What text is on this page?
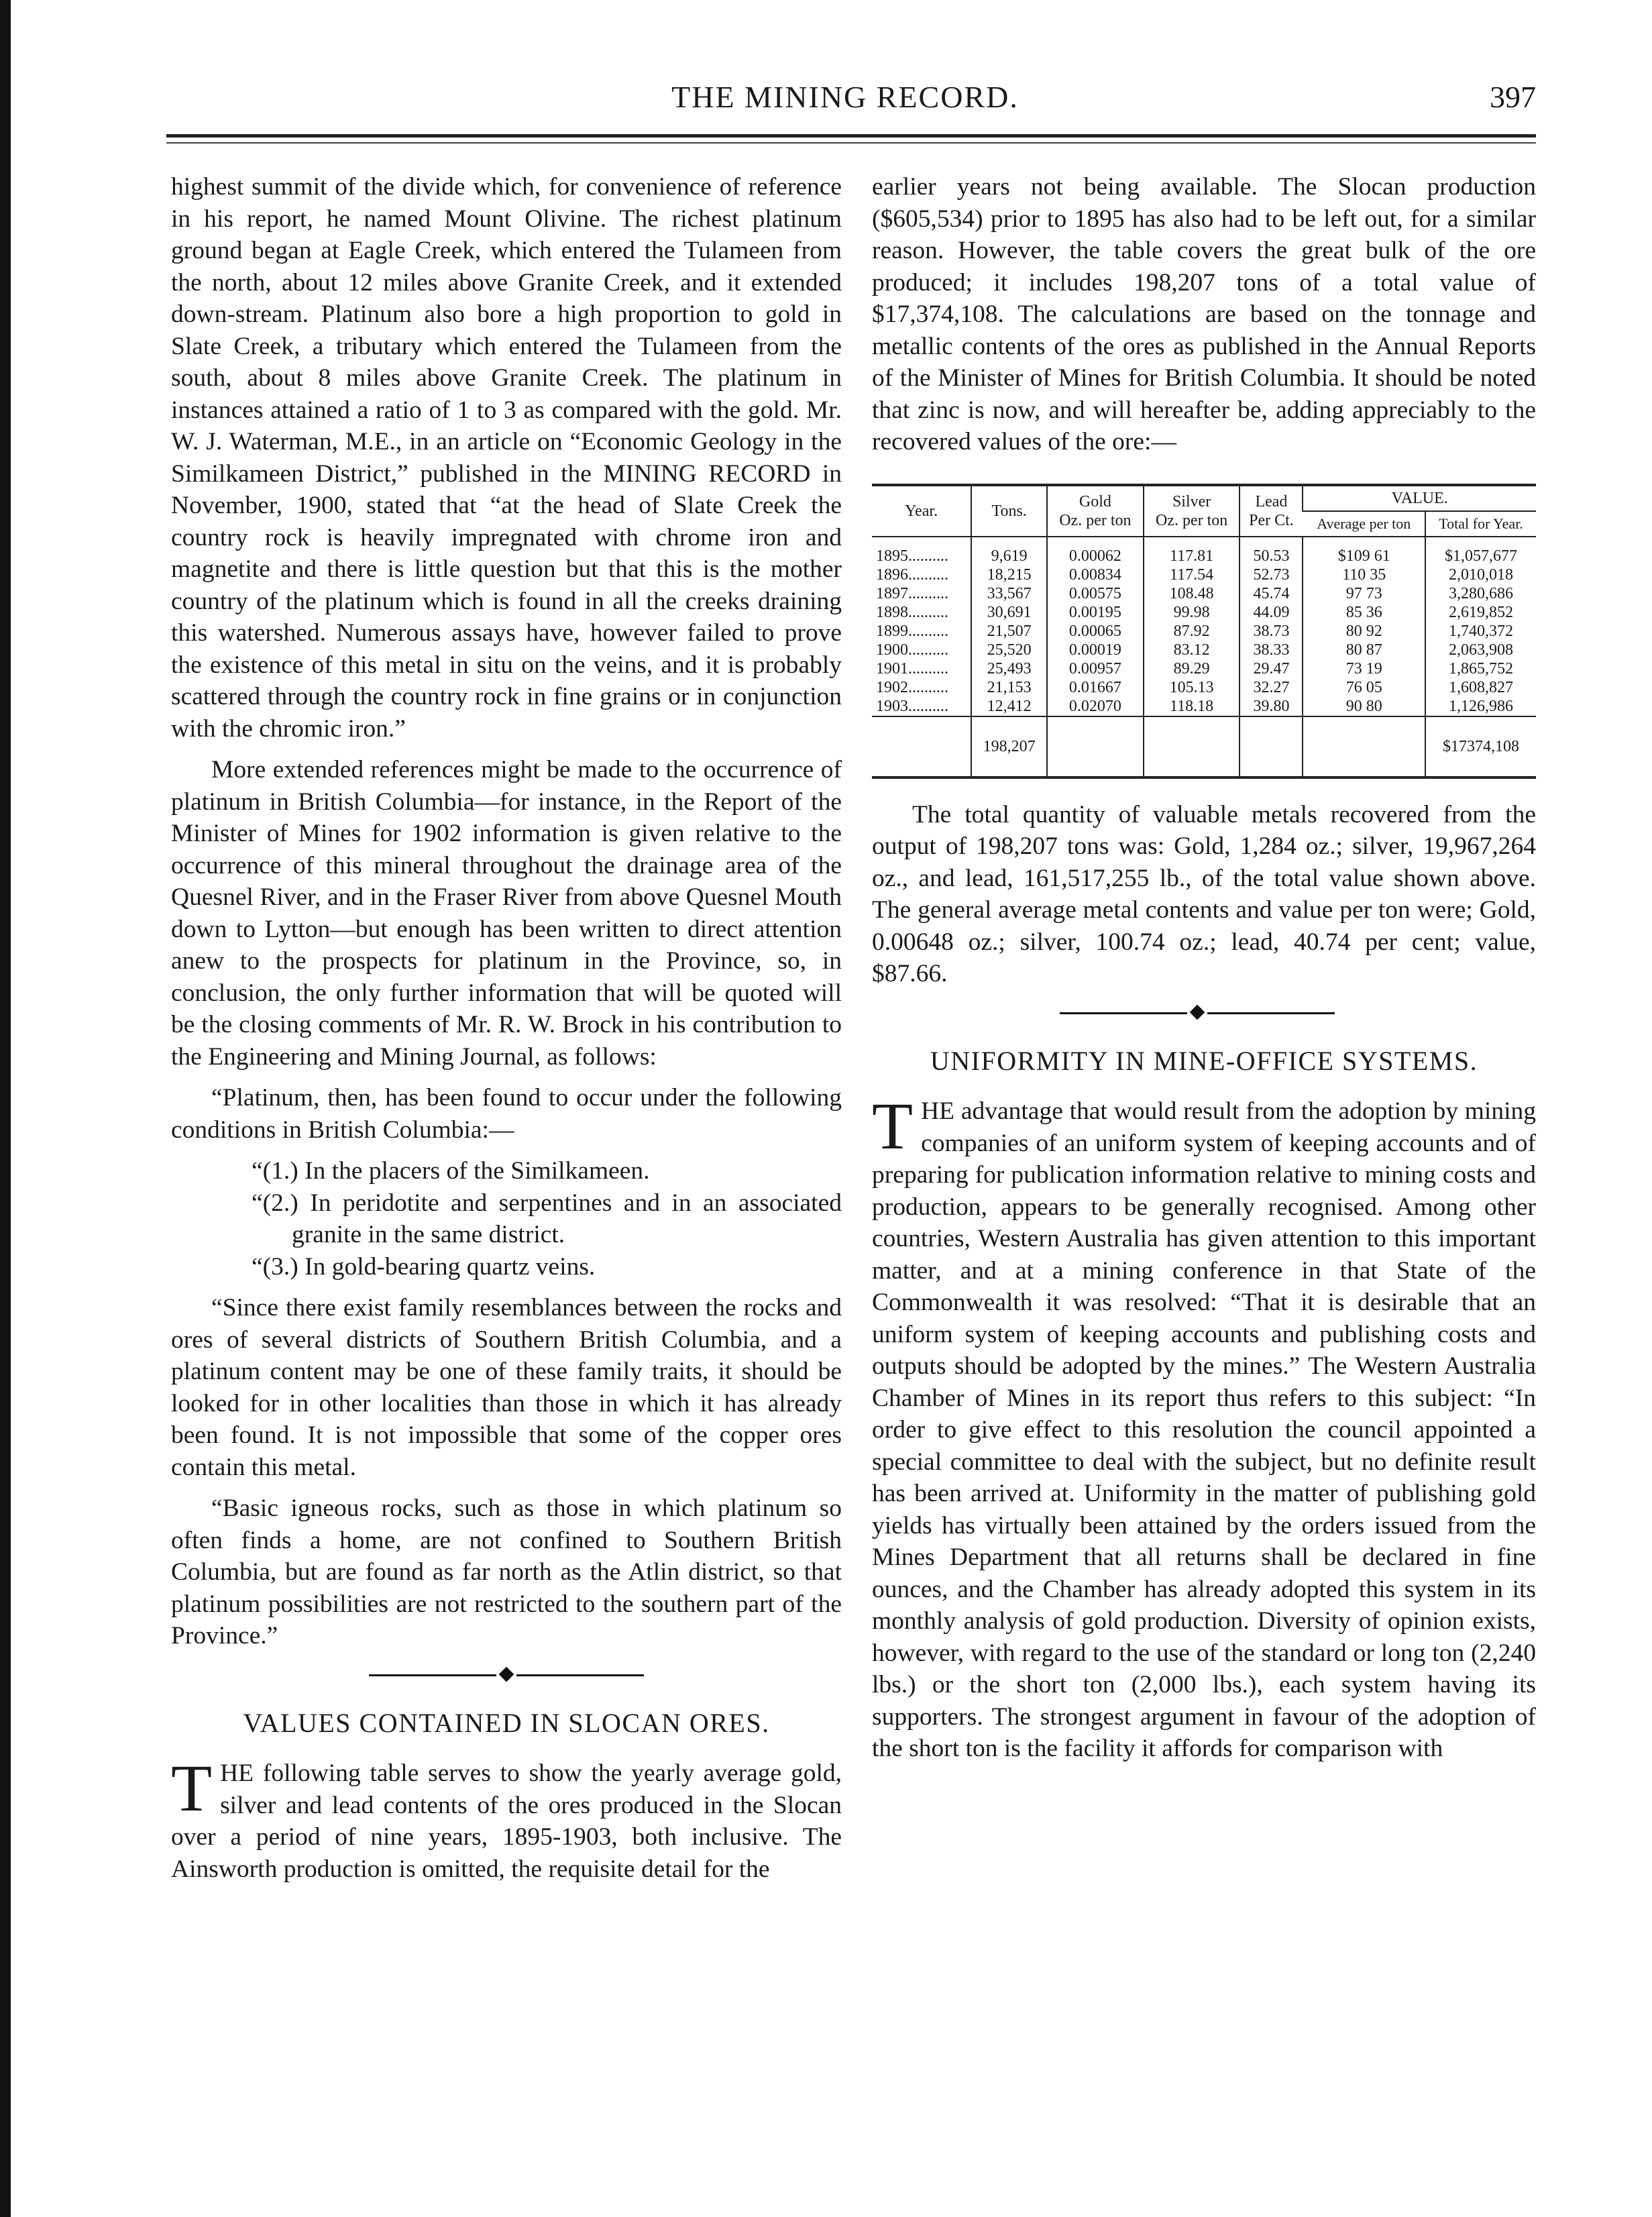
THE MINING RECORD.	397

highest summit of the divide which, for convenience of reference in his report, he named Mount Olivine. The richest platinum ground began at Eagle Creek, which entered the Tulameen from the north, about 12 miles above Granite Creek, and it extended down-stream. Platinum also bore a high proportion to gold in Slate Creek, a tributary which entered the Tulameen from the south, about 8 miles above Granite Creek. The platinum in instances attained a ratio of 1 to 3 as compared with the gold. Mr. W. J. Waterman, M.E., in an article on “Economic Geology in the Similkameen District,” published in the MINING RECORD in November, 1900, stated that “at the head of Slate Creek the country rock is heavily impregnated with chrome iron and magnetite and there is little question but that this is the mother country of the platinum which is found in all the creeks draining this watershed. Numerous assays have, however failed to prove the existence of this metal in situ on the veins, and it is probably scattered through the country rock in fine grains or in conjunction with the chromic iron.”

More extended references might be made to the occurrence of platinum in British Columbia—for instance, in the Report of the Minister of Mines for 1902 information is given relative to the occurrence of this mineral throughout the drainage area of the Quesnel River, and in the Fraser River from above Quesnel Mouth down to Lytton—but enough has been written to direct attention anew to the prospects for platinum in the Province, so, in conclusion, the only further information that will be quoted will be the closing comments of Mr. R. W. Brock in his contribution to the Engineering and Mining Journal, as follows:

“Platinum, then, has been found to occur under the following conditions in British Columbia:—

“(1.) In the placers of the Similkameen.
“(2.) In peridotite and serpentines and in an associated granite in the same district.
“(3.) In gold-bearing quartz veins.

“Since there exist family resemblances between the rocks and ores of several districts of Southern British Columbia, and a platinum content may be one of these family traits, it should be looked for in other localities than those in which it has already been found. It is not impossible that some of the copper ores contain this metal.

“Basic igneous rocks, such as those in which platinum so often finds a home, are not confined to Southern British Columbia, but are found as far north as the Atlin district, so that platinum possibilities are not restricted to the southern part of the Province.”

VALUES CONTAINED IN SLOCAN ORES.

THE following table serves to show the yearly average gold, silver and lead contents of the ores produced in the Slocan over a period of nine years, 1895-1903, both inclusive. The Ainsworth production is omitted, the requisite detail for the

earlier years not being available. The Slocan production ($605,534) prior to 1895 has also had to be left out, for a similar reason. However, the table covers the great bulk of the ore produced; it includes 198,207 tons of a total value of $17,374,108. The calculations are based on the tonnage and metallic contents of the ores as published in the Annual Reports of the Minister of Mines for British Columbia. It should be noted that zinc is now, and will hereafter be, adding appreciably to the recovered values of the ore:—

Year.	Tons.	Gold
Oz. per ton	Silver
Oz. per ton	Lead
Per Ct.	VALUE.	
					Average per ton	Total for Year.
1895..........	9,619	0.00062	117.81	50.53	$109 61	$1,057,677
1896..........	18,215	0.00834	117.54	52.73	110 35	2,010,018
1897..........	33,567	0.00575	108.48	45.74	97 73	3,280,686
1898..........	30,691	0.00195	99.98	44.09	85 36	2,619,852
1899..........	21,507	0.00065	87.92	38.73	80 92	1,740,372
1900..........	25,520	0.00019	83.12	38.33	80 87	2,063,908
1901..........	25,493	0.00957	89.29	29.47	73 19	1,865,752
1902..........	21,153	0.01667	105.13	32.27	76 05	1,608,827
1903..........	12,412	0.02070	118.18	39.80	90 80	1,126,986
	198,207					$17374,108

The total quantity of valuable metals recovered from the output of 198,207 tons was: Gold, 1,284 oz.; silver, 19,967,264 oz., and lead, 161,517,255 lb., of the total value shown above. The general average metal contents and value per ton were; Gold, 0.00648 oz.; silver, 100.74 oz.; lead, 40.74 per cent; value, $87.66.

UNIFORMITY IN MINE-OFFICE SYSTEMS.

THE advantage that would result from the adoption by mining companies of an uniform system of keeping accounts and of preparing for publication information relative to mining costs and production, appears to be generally recognised. Among other countries, Western Australia has given attention to this important matter, and at a mining conference in that State of the Commonwealth it was resolved: “That it is desirable that an uniform system of keeping accounts and publishing costs and outputs should be adopted by the mines.” The Western Australia Chamber of Mines in its report thus refers to this subject: “In order to give effect to this resolution the council appointed a special committee to deal with the subject, but no definite result has been arrived at. Uniformity in the matter of publishing gold yields has virtually been attained by the orders issued from the Mines Department that all returns shall be declared in fine ounces, and the Chamber has already adopted this system in its monthly analysis of gold production. Diversity of opinion exists, however, with regard to the use of the standard or long ton (2,240 lbs.) or the short ton (2,000 lbs.), each system having its supporters. The strongest argument in favour of the adoption of the short ton is the facility it affords for comparison with
